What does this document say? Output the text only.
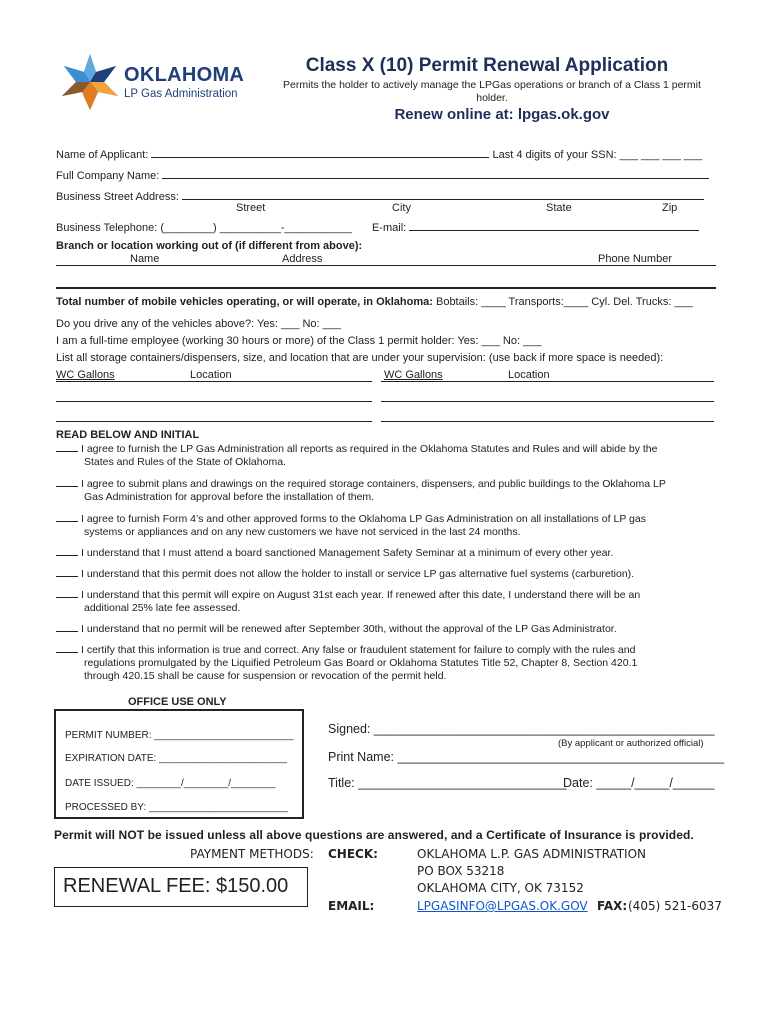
OKLAHOMA
LP Gas Administration
Class X (10) Permit Renewal Application
Permits the holder to actively manage the LPGas operations or branch of a Class 1 permit
holder.
Renew online at: lpgas.ok.gov
Name of Applicant:	Last 4 digits of your SSN: ___ ___ ___ ___
Full Company Name:
Business Street Address:
Street	City	State	Zip
Business Telephone: (________) __________-___________ E-mail:
Branch or location working out of (if different from above):
Name	Address	Phone Number
Total number of mobile vehicles operating, or will operate, in Oklahoma: Bobtails: ____ Transports:____ Cyl. Del. Trucks: ___
Do you drive any of the vehicles above?: Yes: ___ No: ___
I am a full-time employee (working 30 hours or more) of the Class 1 permit holder: Yes: ___ No: ___
List all storage containers/dispensers, size, and location that are under your supervision: (use back if more space is needed):
WC Gallons	Location	WC Gallons	Location
READ BELOW AND INITIAL
I agree to furnish the LP Gas Administration all reports as required in the Oklahoma Statutes and Rules and will abide by the
States and Rules of the State of Oklahoma.
I agree to submit plans and drawings on the required storage containers, dispensers, and public buildings to the Oklahoma LP
Gas Administration for approval before the installation of them.
I agree to furnish Form 4’s and other approved forms to the Oklahoma LP Gas Administration on all installations of LP gas
systems or appliances and on any new customers we have not serviced in the last 24 months.
I understand that I must attend a board sanctioned Management Safety Seminar at a minimum of every other year.
I understand that this permit does not allow the holder to install or service LP gas alternative fuel systems (carburetion).
I understand that this permit will expire on August 31st each year. If renewed after this date, I understand there will be an
additional 25% late fee assessed.
I understand that no permit will be renewed after September 30th, without the approval of the LP Gas Administrator.
I certify that this information is true and correct. Any false or fraudulent statement for failure to comply with the rules and
regulations promulgated by the Liquified Petroleum Gas Board or Oklahoma Statutes Title 52, Chapter 8, Section 420.1
through 420.15 shall be cause for suspension or revocation of the permit held.
OFFICE USE ONLY
PERMIT NUMBER: _________________________
EXPIRATION DATE: _______________________
DATE ISSUED: ________/________/________
PROCESSED BY: _________________________
Signed: _________________________________________________
(By applicant or authorized official)
Print Name: _______________________________________________
Title: ______________________________
Date: _____/_____/______
Permit will NOT be issued unless all above questions are answered, and a Certificate of Insurance is provided.
PAYMENT METHODS: CHECK:	OKLAHOMA L.P. GAS ADMINISTRATION
PO BOX 53218
OKLAHOMA CITY, OK 73152
EMAIL:	LPGASINFO@LPGAS.OK.GOV FAX: (405) 521-6037
RENEWAL FEE: $150.00
